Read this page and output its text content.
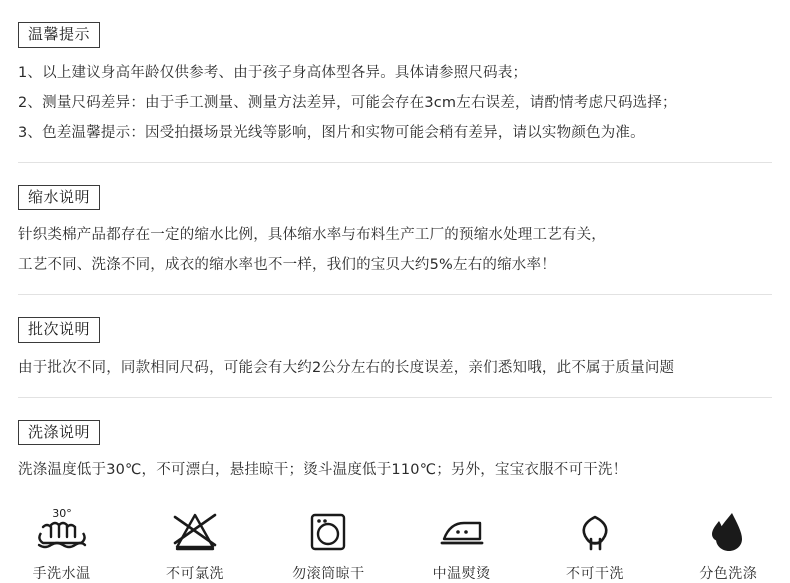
温馨提示
1、以上建议身高年龄仅供参考、由于孩子身高体型各异。具体请参照尺码表；
2、测量尺码差异：由于手工测量、测量方法差异，可能会存在3cm左右误差，请酌情考虑尺码选择；
3、色差温馨提示：因受拍摄场景光线等影响，图片和实物可能会稍有差异，请以实物颜色为准。
缩水说明
针织类棉产品都存在一定的缩水比例，具体缩水率与布料生产工厂的预缩水处理工艺有关，
工艺不同、洗涤不同，成衣的缩水率也不一样，我们的宝贝大约5%左右的缩水率！
批次说明
由于批次不同，同款相同尺码，可能会有大约2公分左右的长度误差，亲们悉知哦，此不属于质量问题
洗涤说明
洗涤温度低于30℃，不可漂白，悬挂晾干；烫斗温度低于110℃；另外，宝宝衣服不可干洗！
30°
手洗水温	不可氯洗	勿滚筒晾干	中温熨烫	不可干洗	分色洗涤
